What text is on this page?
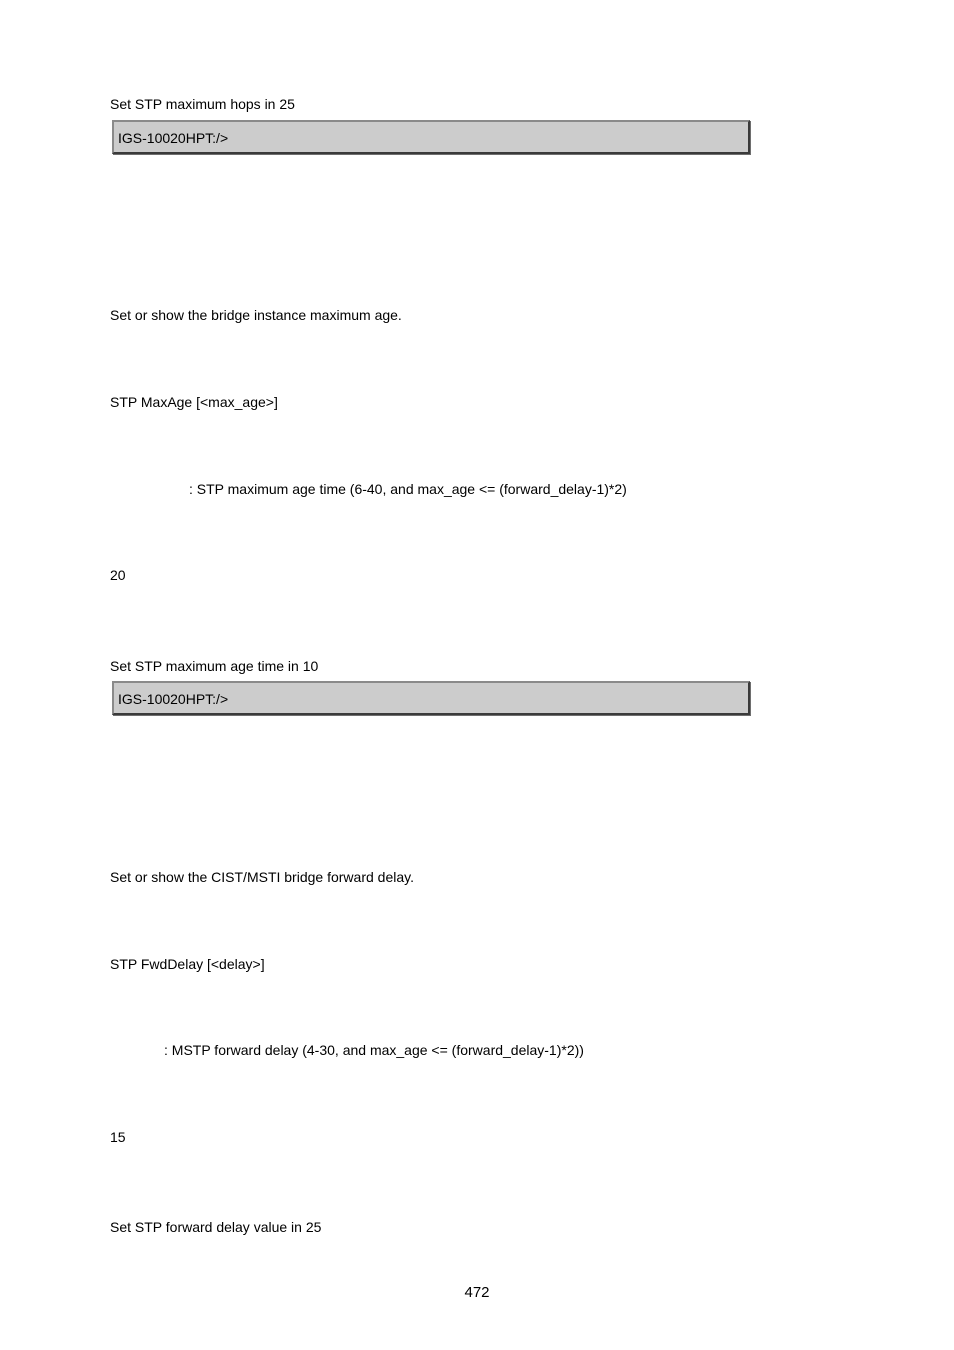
Set STP maximum hops in 25
IGS-10020HPT:/>
Set or show the bridge instance maximum age.
STP MaxAge [<max_age>]
: STP maximum age time (6-40, and max_age <= (forward_delay-1)*2)
20
Set STP maximum age time in 10
IGS-10020HPT:/>
Set or show the CIST/MSTI bridge forward delay.
STP FwdDelay [<delay>]
: MSTP forward delay (4-30, and max_age <= (forward_delay-1)*2))
15
Set STP forward delay value in 25
472
